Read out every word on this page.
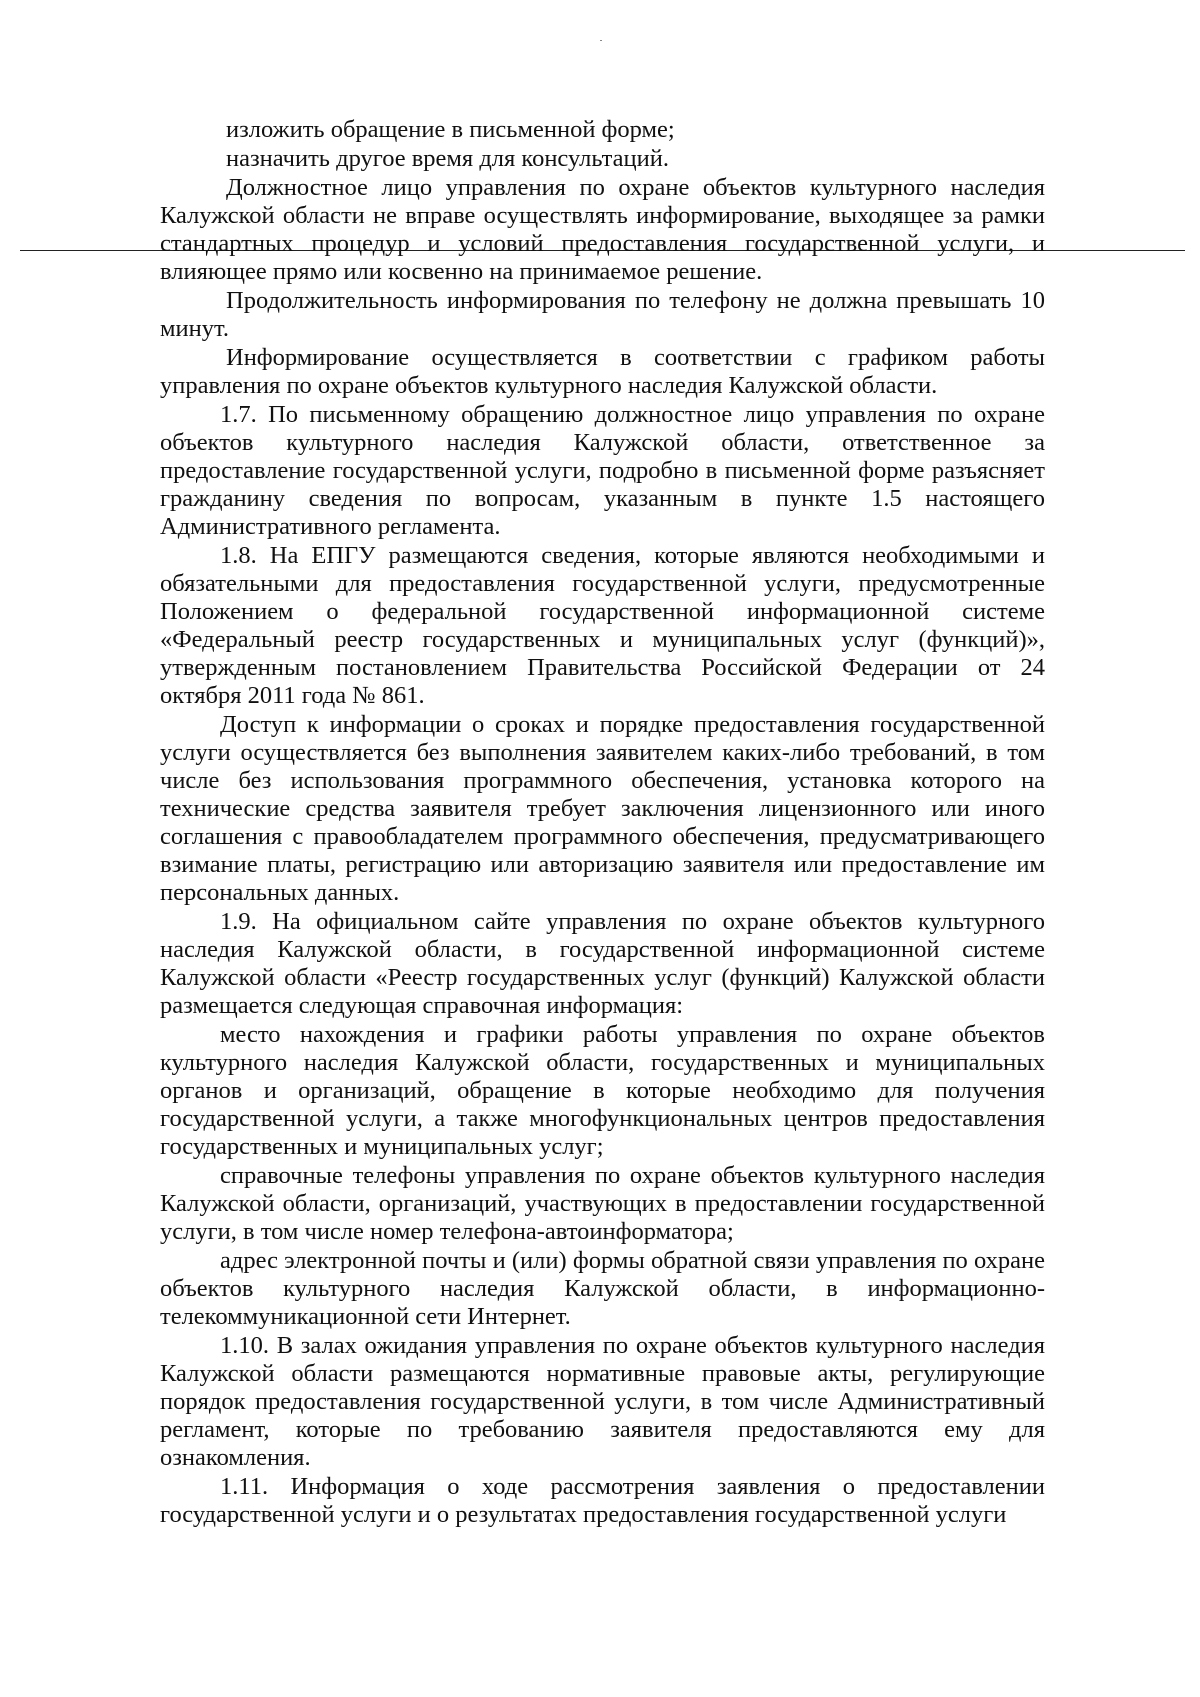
изложить обращение в письменной форме;

назначить другое время для консультаций.

Должностное лицо управления по охране объектов культурного наследия Калужской области не вправе осуществлять информирование, выходящее за рамки стандартных процедур и условий предоставления государственной услуги, и влияющее прямо или косвенно на принимаемое решение.

Продолжительность информирования по телефону не должна превышать 10 минут.

Информирование осуществляется в соответствии с графиком работы управления по охране объектов культурного наследия Калужской области.

1.7. По письменному обращению должностное лицо управления по охране объектов культурного наследия Калужской области, ответственное за предоставление государственной услуги, подробно в письменной форме разъясняет гражданину сведения по вопросам, указанным в пункте 1.5 настоящего Административного регламента.

1.8. На ЕПГУ размещаются сведения, которые являются необходимыми и обязательными для предоставления государственной услуги, предусмотренные Положением о федеральной государственной информационной системе «Федеральный реестр государственных и муниципальных услуг (функций)», утвержденным постановлением Правительства Российской Федерации от 24 октября 2011 года № 861.

Доступ к информации о сроках и порядке предоставления государственной услуги осуществляется без выполнения заявителем каких-либо требований, в том числе без использования программного обеспечения, установка которого на технические средства заявителя требует заключения лицензионного или иного соглашения с правообладателем программного обеспечения, предусматривающего взимание платы, регистрацию или авторизацию заявителя или предоставление им персональных данных.

1.9. На официальном сайте управления по охране объектов культурного наследия Калужской области, в государственной информационной системе Калужской области «Реестр государственных услуг (функций) Калужской области размещается следующая справочная информация:

место нахождения и графики работы управления по охране объектов культурного наследия Калужской области, государственных и муниципальных органов и организаций, обращение в которые необходимо для получения государственной услуги, а также многофункциональных центров предоставления государственных и муниципальных услуг;

справочные телефоны управления по охране объектов культурного наследия Калужской области, организаций, участвующих в предоставлении государственной услуги, в том числе номер телефона-автоинформатора;

адрес электронной почты и (или) формы обратной связи управления по охране объектов культурного наследия Калужской области, в информационно-телекоммуникационной сети Интернет.

1.10. В залах ожидания управления по охране объектов культурного наследия Калужской области размещаются нормативные правовые акты, регулирующие порядок предоставления государственной услуги, в том числе Административный регламент, которые по требованию заявителя предоставляются ему для ознакомления.

1.11. Информация о ходе рассмотрения заявления о предоставлении государственной услуги и о результатах предоставления государственной услуги
